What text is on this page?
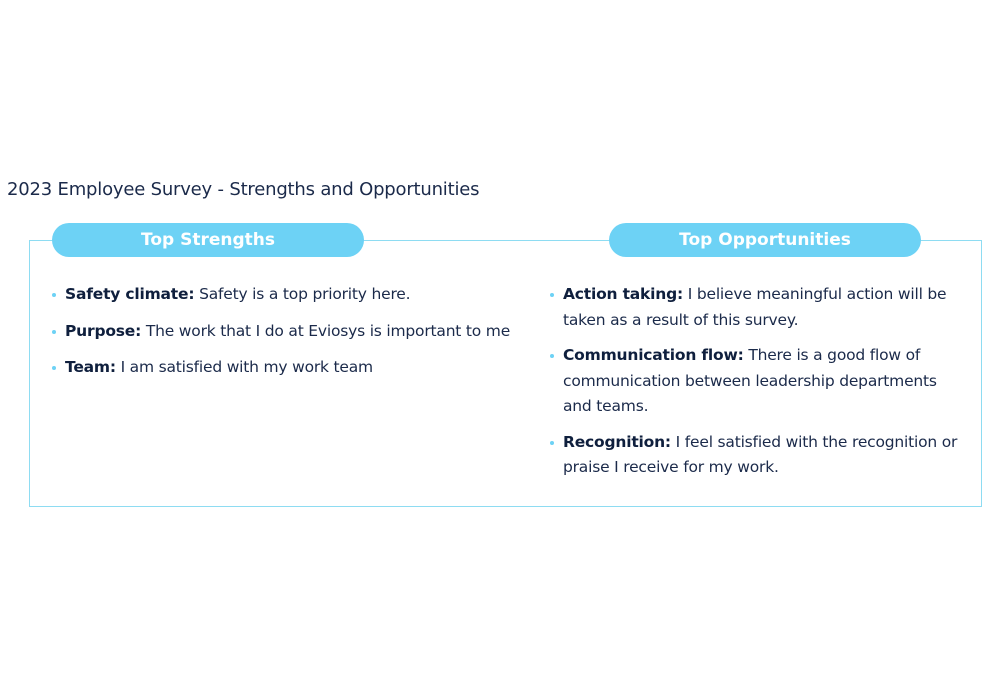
2023 Employee Survey - Strengths and Opportunities
Top Strengths	Top Opportunities
Safety climate: Safety is a top priority here.
Purpose: The work that I do at Eviosys is important to me
Team: I am satisfied with my work team
Action taking: I believe meaningful action will be taken as a result of this survey.
Communication flow: There is a good flow of communication between leadership departments and teams.
Recognition: I feel satisfied with the recognition or praise I receive for my work.
